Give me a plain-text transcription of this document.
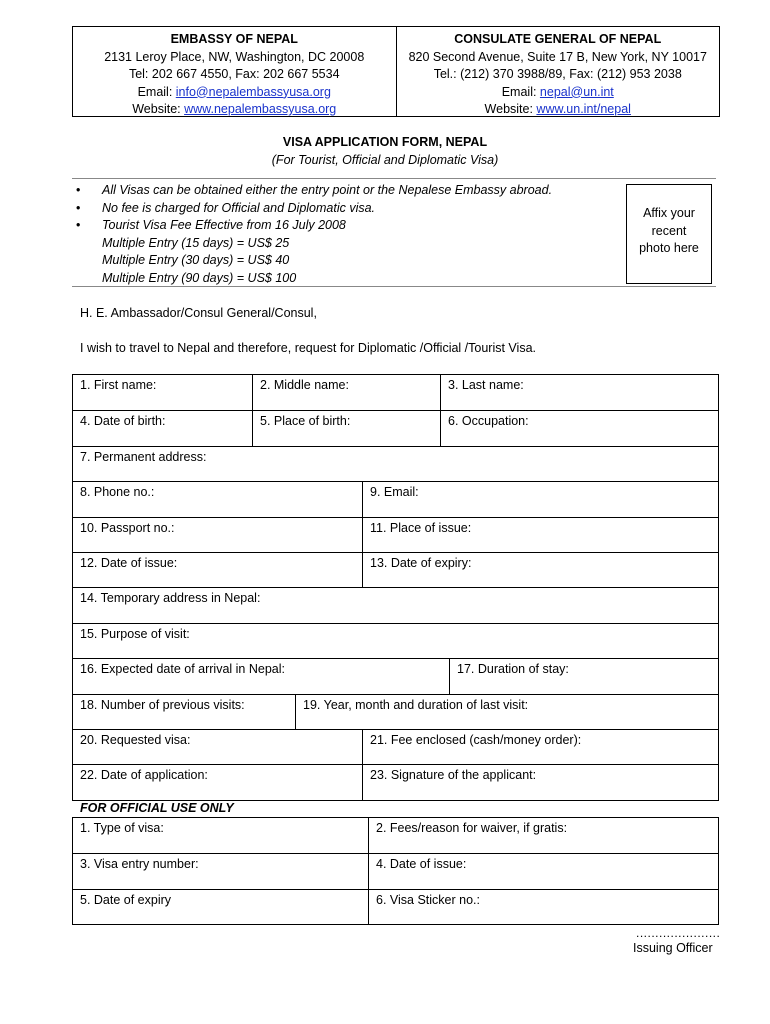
EMBASSY OF NEPAL
2131 Leroy Place, NW, Washington, DC 20008
Tel: 202 667 4550, Fax: 202 667 5534
Email: info@nepalembassyusa.org
Website: www.nepalembassyusa.org
CONSULATE GENERAL OF NEPAL
820 Second Avenue, Suite 17 B, New York, NY 10017
Tel.: (212) 370 3988/89, Fax: (212) 953 2038
Email: nepal@un.int
Website: www.un.int/nepal
VISA APPLICATION FORM, NEPAL
(For Tourist, Official and Diplomatic Visa)
•	All Visas can be obtained either the entry point or the Nepalese Embassy abroad.
•	No fee is charged for Official and Diplomatic visa.
•	Tourist Visa Fee Effective from 16 July 2008
Multiple Entry (15 days) = US$ 25
Multiple Entry (30 days) = US$ 40
Multiple Entry (90 days) = US$ 100
Affix your
recent
photo here
H. E. Ambassador/Consul General/Consul,
I wish to travel to Nepal and therefore, request for Diplomatic /Official /Tourist Visa.
1. First name:	2. Middle name:	3. Last name:
4. Date of birth:	5. Place of birth:	6. Occupation:
7. Permanent address:
8. Phone no.:	9. Email:
10. Passport no.:	11. Place of issue:
12. Date of issue:	13. Date of expiry:
14. Temporary address in Nepal:
15. Purpose of visit:
16. Expected date of arrival in Nepal:	17. Duration of stay:
18. Number of previous visits:	19. Year, month and duration of last visit:
20. Requested visa:	21. Fee enclosed (cash/money order):
22. Date of application:	23. Signature of the applicant:
FOR OFFICIAL USE ONLY
1. Type of visa:	2. Fees/reason for waiver, if gratis:
3. Visa entry number:	4. Date of issue:
5. Date of expiry	6. Visa Sticker no.:
......................
Issuing Officer
